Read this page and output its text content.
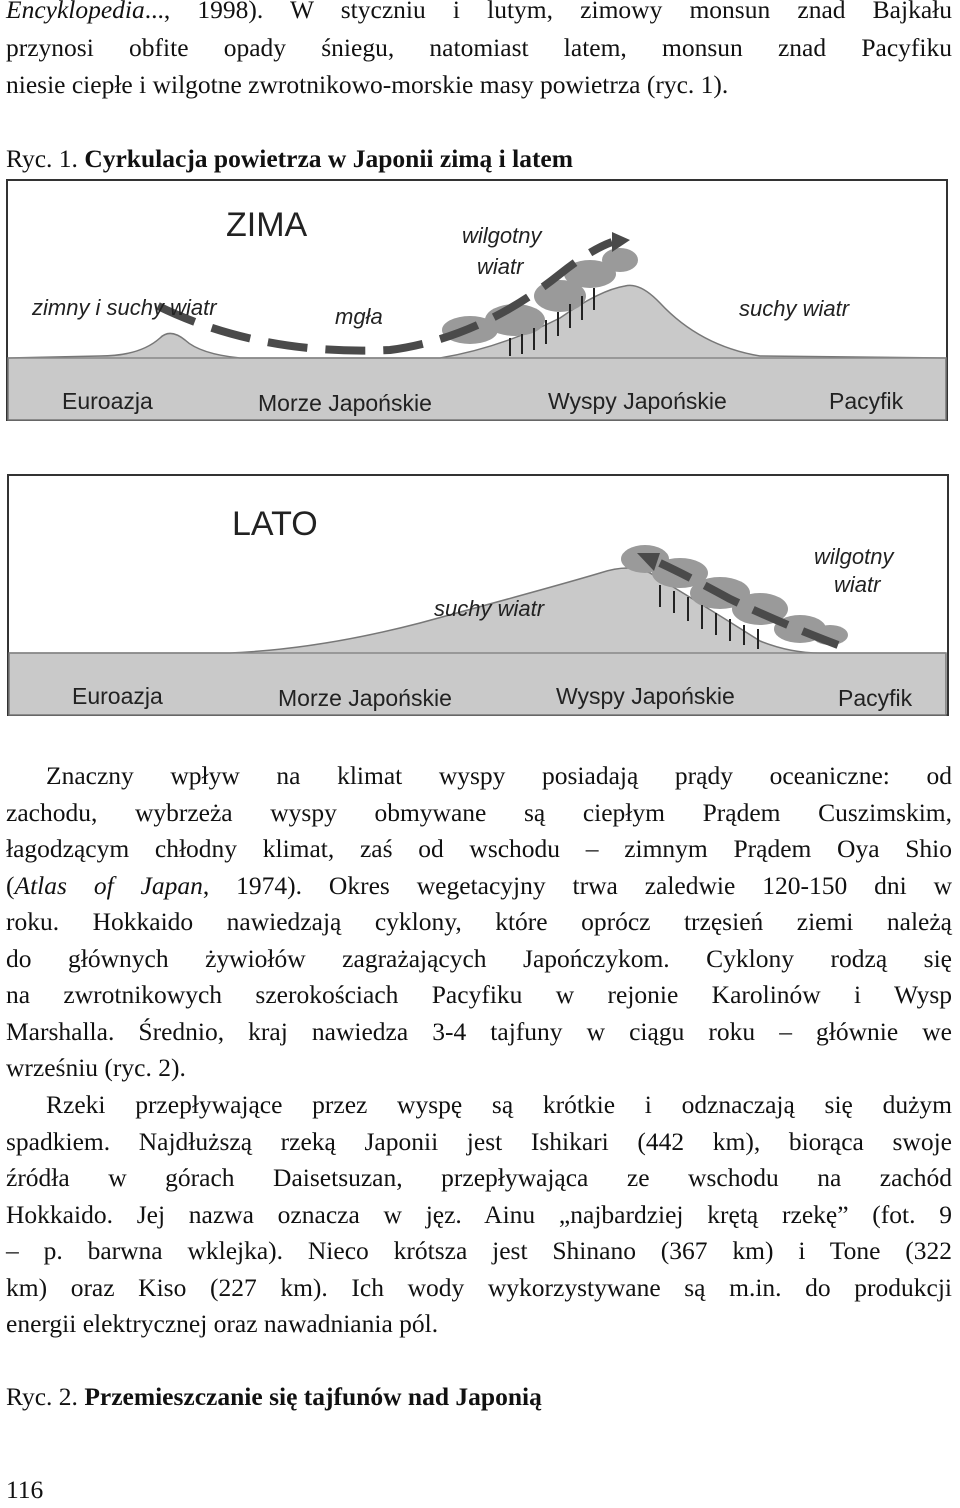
Encyklopedia..., 1998). W styczniu i lutym, zimowy monsun znad Bajkału
przynosi obfite opady śniegu, natomiast latem, monsun znad Pacyfiku
niesie ciepłe i wilgotne zwrotnikowo-morskie masy powietrza (ryc. 1).
Ryc. 1. Cyrkulacja powietrza w Japonii zimą i latem
ZIMA
zimny i suchy wiatr	mgła
wilgotny
wiatr
suchy wiatr
Euroazja	Morze Japońskie	Wyspy Japońskie	Pacyfik
LATO
suchy wiatr
wilgotny
wiatr
Euroazja	Morze Japońskie	Wyspy Japońskie	Pacyfik
Znaczny wpływ na klimat wyspy posiadają prądy oceaniczne: od
zachodu, wybrzeża wyspy obmywane są ciepłym Prądem Cuszimskim,
łagodzącym chłodny klimat, zaś od wschodu – zimnym Prądem Oya Shio
(Atlas of Japan, 1974). Okres wegetacyjny trwa zaledwie 120-150 dni w
roku. Hokkaido nawiedzają cyklony, które oprócz trzęsień ziemi należą
do głównych żywiołów zagrażających Japończykom. Cyklony rodzą się
na zwrotnikowych szerokościach Pacyfiku w rejonie Karolinów i Wysp
Marshalla. Średnio, kraj nawiedza 3-4 tajfuny w ciągu roku – głównie we
wrześniu (ryc. 2).
Rzeki przepływające przez wyspę są krótkie i odznaczają się dużym
spadkiem. Najdłuższą rzeką Japonii jest Ishikari (442 km), biorąca swoje
źródła w górach Daisetsuzan, przepływająca ze wschodu na zachód
Hokkaido. Jej nazwa oznacza w jęz. Ainu „najbardziej krętą rzekę” (fot. 9
– p. barwna wklejka). Nieco krótsza jest Shinano (367 km) i Tone (322
km) oraz Kiso (227 km). Ich wody wykorzystywane są m.in. do produkcji
energii elektrycznej oraz nawadniania pól.
Ryc. 2. Przemieszczanie się tajfunów nad Japonią
116
